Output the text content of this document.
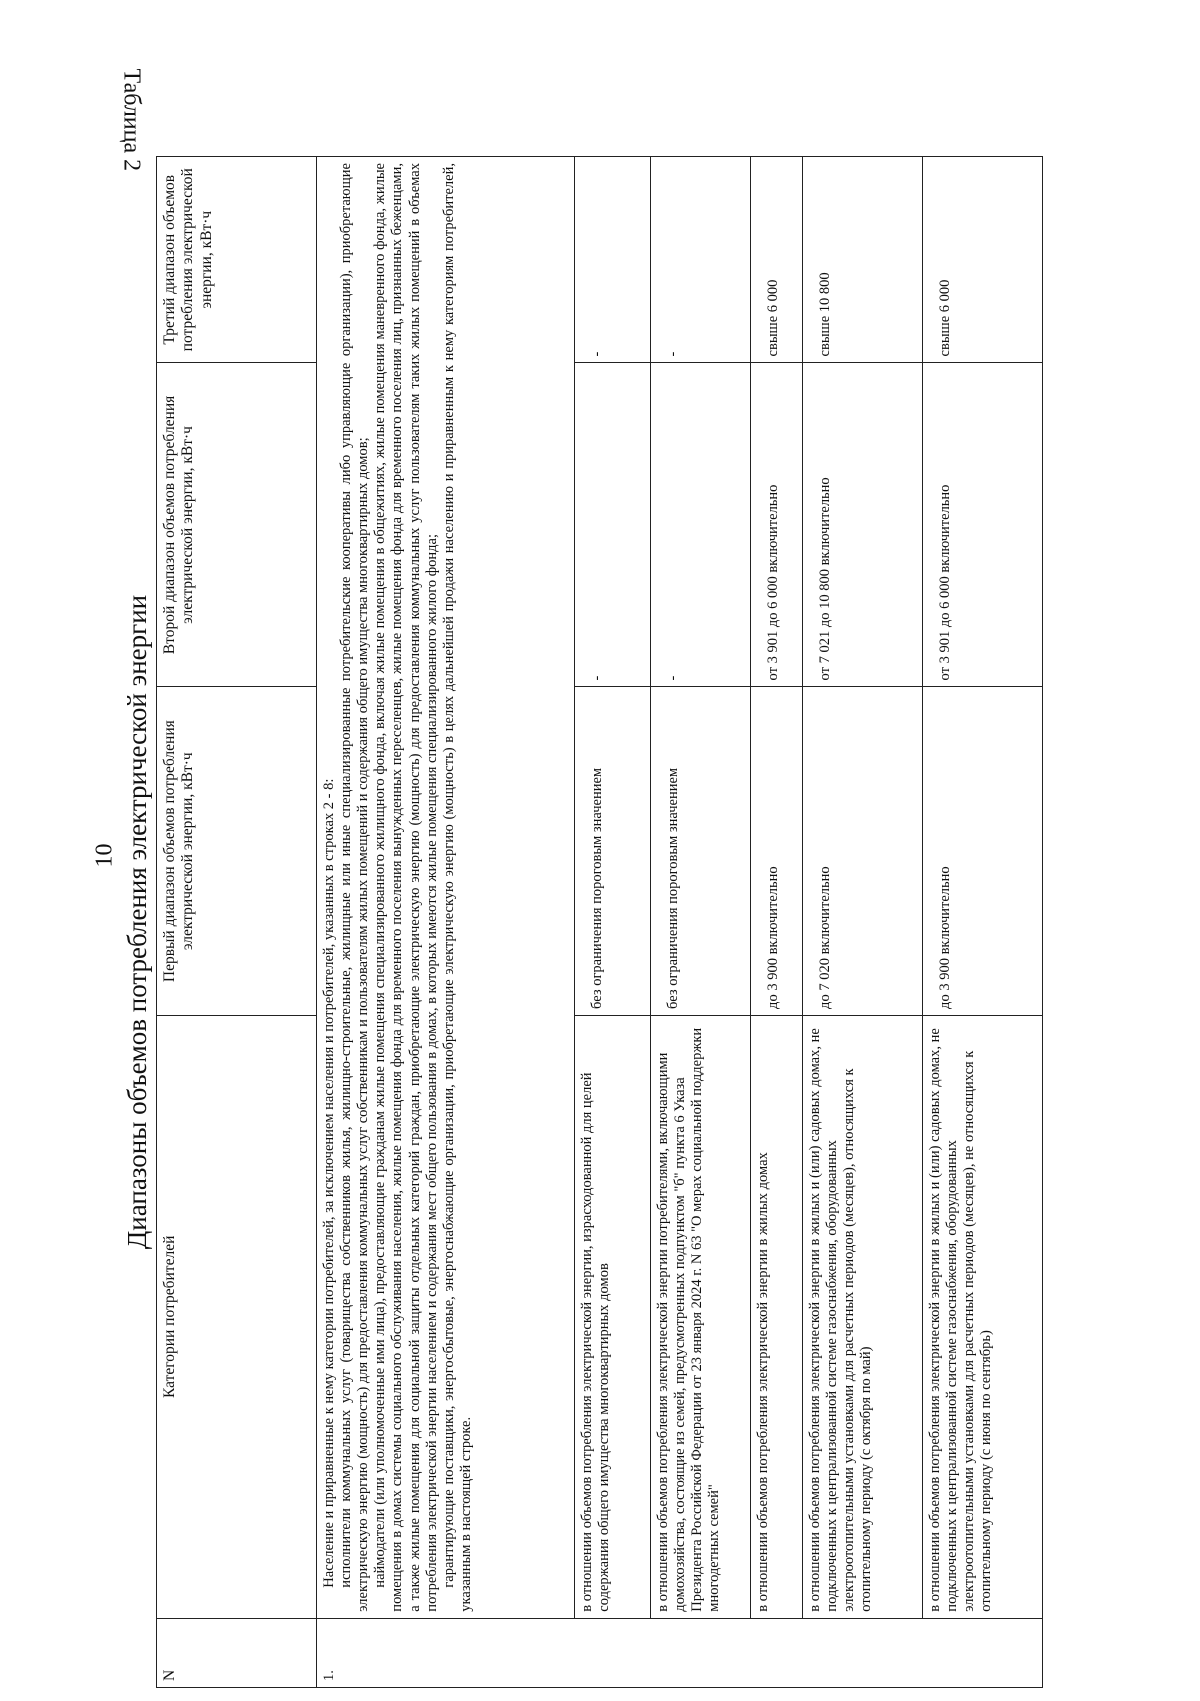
10
Таблица 2
Диапазоны объемов потребления электрической энергии
N	Категории потребителей	Первый диапазон объемов потребления электрической энергии, кВт·ч	Второй диапазон объемов потребления электрической энергии, кВт·ч	Третий диапазон объемов потребления электрической энергии, кВт·ч
1.	Население и приравненные к нему категории потребителей, за исключением населения и потребителей, указанных в строках 2 - 8: исполнители коммунальных услуг (товарищества собственников жилья, жилищно-строительные, жилищные или иные специализированные потребительские кооперативы либо управляющие организации), приобретающие электрическую энергию (мощность) для предоставления коммунальных услуг собственникам и пользователям жилых помещений и содержания общего имущества многоквартирных домов; наймодатели (или уполномоченные ими лица), предоставляющие гражданам жилые помещения специализированного жилищного фонда, включая жилые помещения в общежитиях, жилые помещения маневренного фонда, жилые помещения в домах системы социального обслуживания населения, жилые помещения фонда для временного поселения вынужденных переселенцев, жилые помещения фонда для временного поселения лиц, признанных беженцами, а также жилые помещения для социальной защиты отдельных категорий граждан, приобретающие электрическую энергию (мощность) для предоставления коммунальных услуг пользователям таких жилых помещений в объемах потребления электрической энергии населением и содержания мест общего пользования в домах, в которых имеются жилые помещения специализированного жилого фонда; гарантирующие поставщики, энергосбытовые, энергоснабжающие организации, приобретающие электрическую энергию (мощность) в целях дальнейшей продажи населению и приравненным к нему категориям потребителей, указанным в настоящей строке.			

	в отношении объемов потребления электрической энергии, израсходованной для целей содержания общего имущества многоквартирных домов	без ограничения пороговым значением	-	-
	в отношении объемов потребления электрической энергии потребителями, включающими домохозяйства, состоящие из семей, предусмотренных подпунктом "б" пункта 6 Указа Президента Российской Федерации от 23 января 2024 г. N 63 "О мерах социальной поддержки многодетных семей"	без ограничения пороговым значением	-	-
	в отношении объемов потребления электрической энергии в жилых домах	до 3 900 включительно	от 3 901 до 6 000 включительно	свыше 6 000
	в отношении объемов потребления электрической энергии в жилых и (или) садовых домах, не подключенных к централизованной системе газоснабжения, оборудованных электроотопительными установками для расчетных периодов (месяцев), относящихся к отопительному периоду (с октября по май)	до 7 020 включительно	от 7 021 до 10 800 включительно	свыше 10 800
	в отношении объемов потребления электрической энергии в жилых и (или) садовых домах, не подключенных к централизованной системе газоснабжения, оборудованных электроотопительными установками для расчетных периодов (месяцев), не относящихся к отопительному периоду (с июня по сентябрь)	до 3 900 включительно	от 3 901 до 6 000 включительно	свыше 6 000
